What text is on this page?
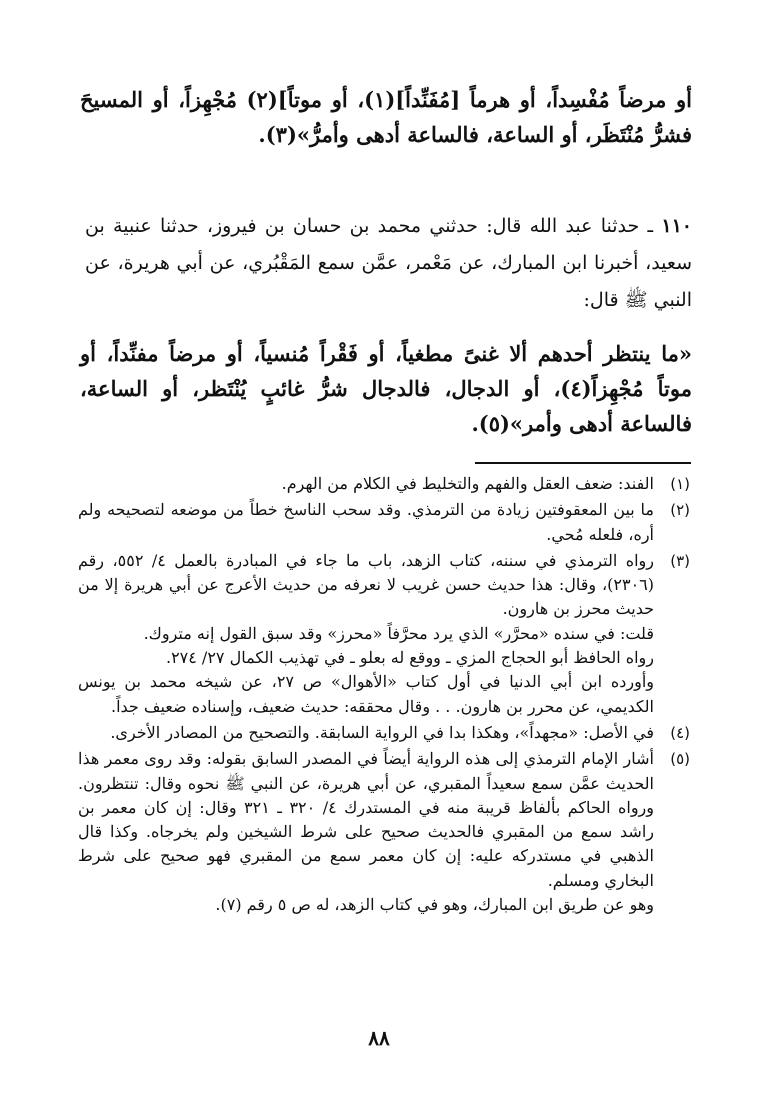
أو مرضاً مُفْسِداً، أو هرماً [مُفَنِّداً](١)، أو موتاً](٢) مُجْهِزاً، أو المسيحَ فشرُّ مُنْتَظَر، أو الساعة، فالساعة أدهى وأمرُّ»(٣).
١١٠ ـ حدثنا عبد الله قال: حدثني محمد بن حسان بن فيروز، حدثنا عنبية بن سعيد، أخبرنا ابن المبارك، عن مَعْمر، عمَّن سمع المَقْبُري، عن أبي هريرة، عن النبي ﷺ قال:
«ما ينتظر أحدهم ألا غنىً مطغياً، أو فَقْراً مُنسياً، أو مرضاً مفنِّداً، أو موتاً مُجْهِزاً(٤)، أو الدجال، فالدجال شرُّ غائبٍ يُنْتَظر، أو الساعة، فالساعة أدهى وأمر»(٥).
(١)

الفند: ضعف العقل والفهم والتخليط في الكلام من الهرم.

(٢)

ما بين المعقوفتين زيادة من الترمذي. وقد سحب الناسخ خطاً من موضعه لتصحيحه ولم أره، فلعله مُحي.

(٣)

رواه الترمذي في سننه، كتاب الزهد، باب ما جاء في المبادرة بالعمل ٤/ ٥٥٢، رقم (٢٣٠٦)، وقال: هذا حديث حسن غريب لا نعرفه من حديث الأعرج عن أبي هريرة إلا من حديث محرز بن هارون.

قلت: في سنده «محرَّر» الذي يرد محرَّفاً «محرز» وقد سبق القول إنه متروك.

رواه الحافظ أبو الحجاج المزي ـ ووقع له بعلو ـ في تهذيب الكمال ٢٧/ ٢٧٤.

وأورده ابن أبي الدنيا في أول كتاب «الأهوال» ص ٢٧، عن شيخه محمد بن يونس الكديمي، عن محرر بن هارون. . . وقال محققه: حديث ضعيف، وإسناده ضعيف جداً.

(٤)

في الأصل: «مجهداً»، وهكذا بدا في الرواية السابقة. والتصحيح من المصادر الأخرى.

(٥)

أشار الإمام الترمذي إلى هذه الرواية أيضاً في المصدر السابق بقوله: وقد روى معمر هذا الحديث عمَّن سمع سعيداً المقبري، عن أبي هريرة، عن النبي ﷺ نحوه وقال: تنتظرون. ورواه الحاكم بألفاظ قريبة منه في المستدرك ٤/ ٣٢٠ ـ ٣٢١ وقال: إن كان معمر بن راشد سمع من المقبري فالحديث صحيح على شرط الشيخين ولم يخرجاه. وكذا قال الذهبي في مستدركه عليه: إن كان معمر سمع من المقبري فهو صحيح على شرط البخاري ومسلم.

وهو عن طريق ابن المبارك، وهو في كتاب الزهد، له ص ٥ رقم (٧).

٨٨
